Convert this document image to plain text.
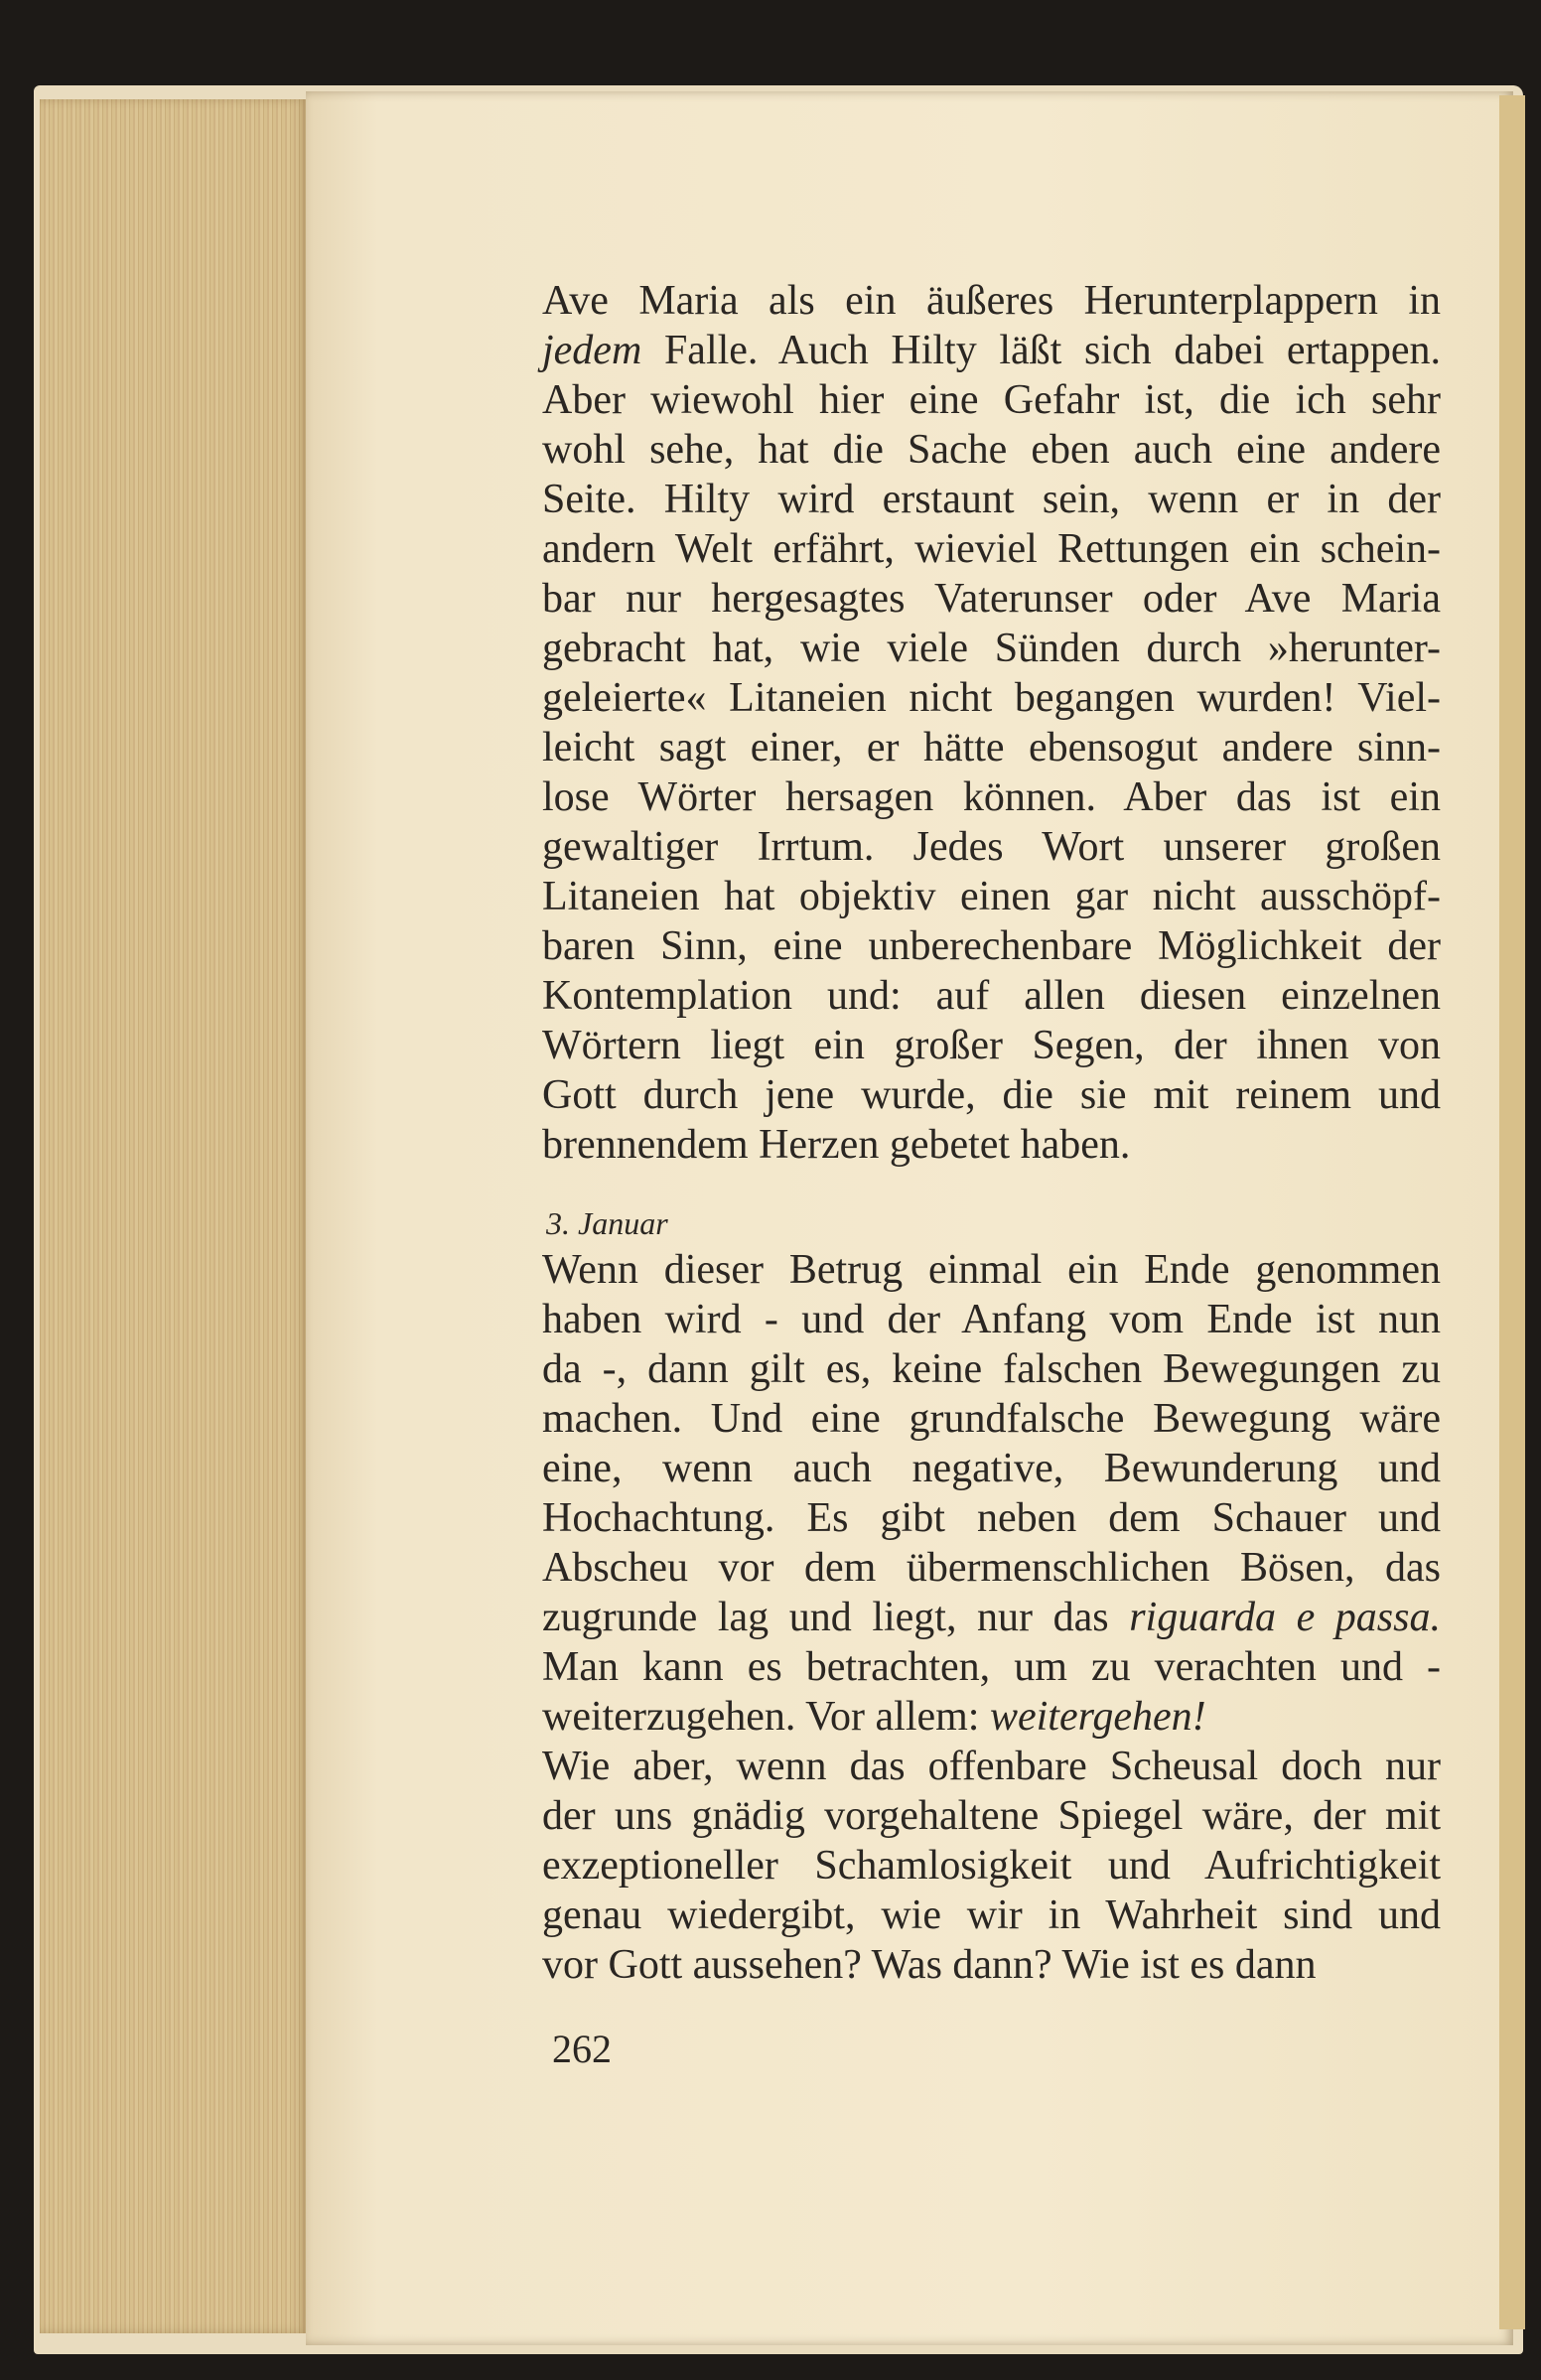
Ave Maria als ein äußeres Herunterplappern in
jedem Falle. Auch Hilty läßt sich dabei ertappen.
Aber wiewohl hier eine Gefahr ist, die ich sehr
wohl sehe, hat die Sache eben auch eine andere
Seite. Hilty wird erstaunt sein, wenn er in der
andern Welt erfährt, wieviel Rettungen ein schein-
bar nur hergesagtes Vaterunser oder Ave Maria
gebracht hat, wie viele Sünden durch »herunter-
geleierte« Litaneien nicht begangen wurden! Viel-
leicht sagt einer, er hätte ebensogut andere sinn-
lose Wörter hersagen können. Aber das ist ein
gewaltiger Irrtum. Jedes Wort unserer großen
Litaneien hat objektiv einen gar nicht ausschöpf-
baren Sinn, eine unberechenbare Möglichkeit der
Kontemplation und: auf allen diesen einzelnen
Wörtern liegt ein großer Segen, der ihnen von
Gott durch jene wurde, die sie mit reinem und
brennendem Herzen gebetet haben.
3. Januar
Wenn dieser Betrug einmal ein Ende genommen
haben wird - und der Anfang vom Ende ist nun
da -, dann gilt es, keine falschen Bewegungen zu
machen. Und eine grundfalsche Bewegung wäre
eine, wenn auch negative, Bewunderung und
Hochachtung. Es gibt neben dem Schauer und
Abscheu vor dem übermenschlichen Bösen, das
zugrunde lag und liegt, nur das riguarda e passa.
Man kann es betrachten, um zu verachten und -
weiterzugehen. Vor allem: weitergehen!
Wie aber, wenn das offenbare Scheusal doch nur
der uns gnädig vorgehaltene Spiegel wäre, der mit
exzeptioneller Schamlosigkeit und Aufrichtigkeit
genau wiedergibt, wie wir in Wahrheit sind und
vor Gott aussehen? Was dann? Wie ist es dann
262
